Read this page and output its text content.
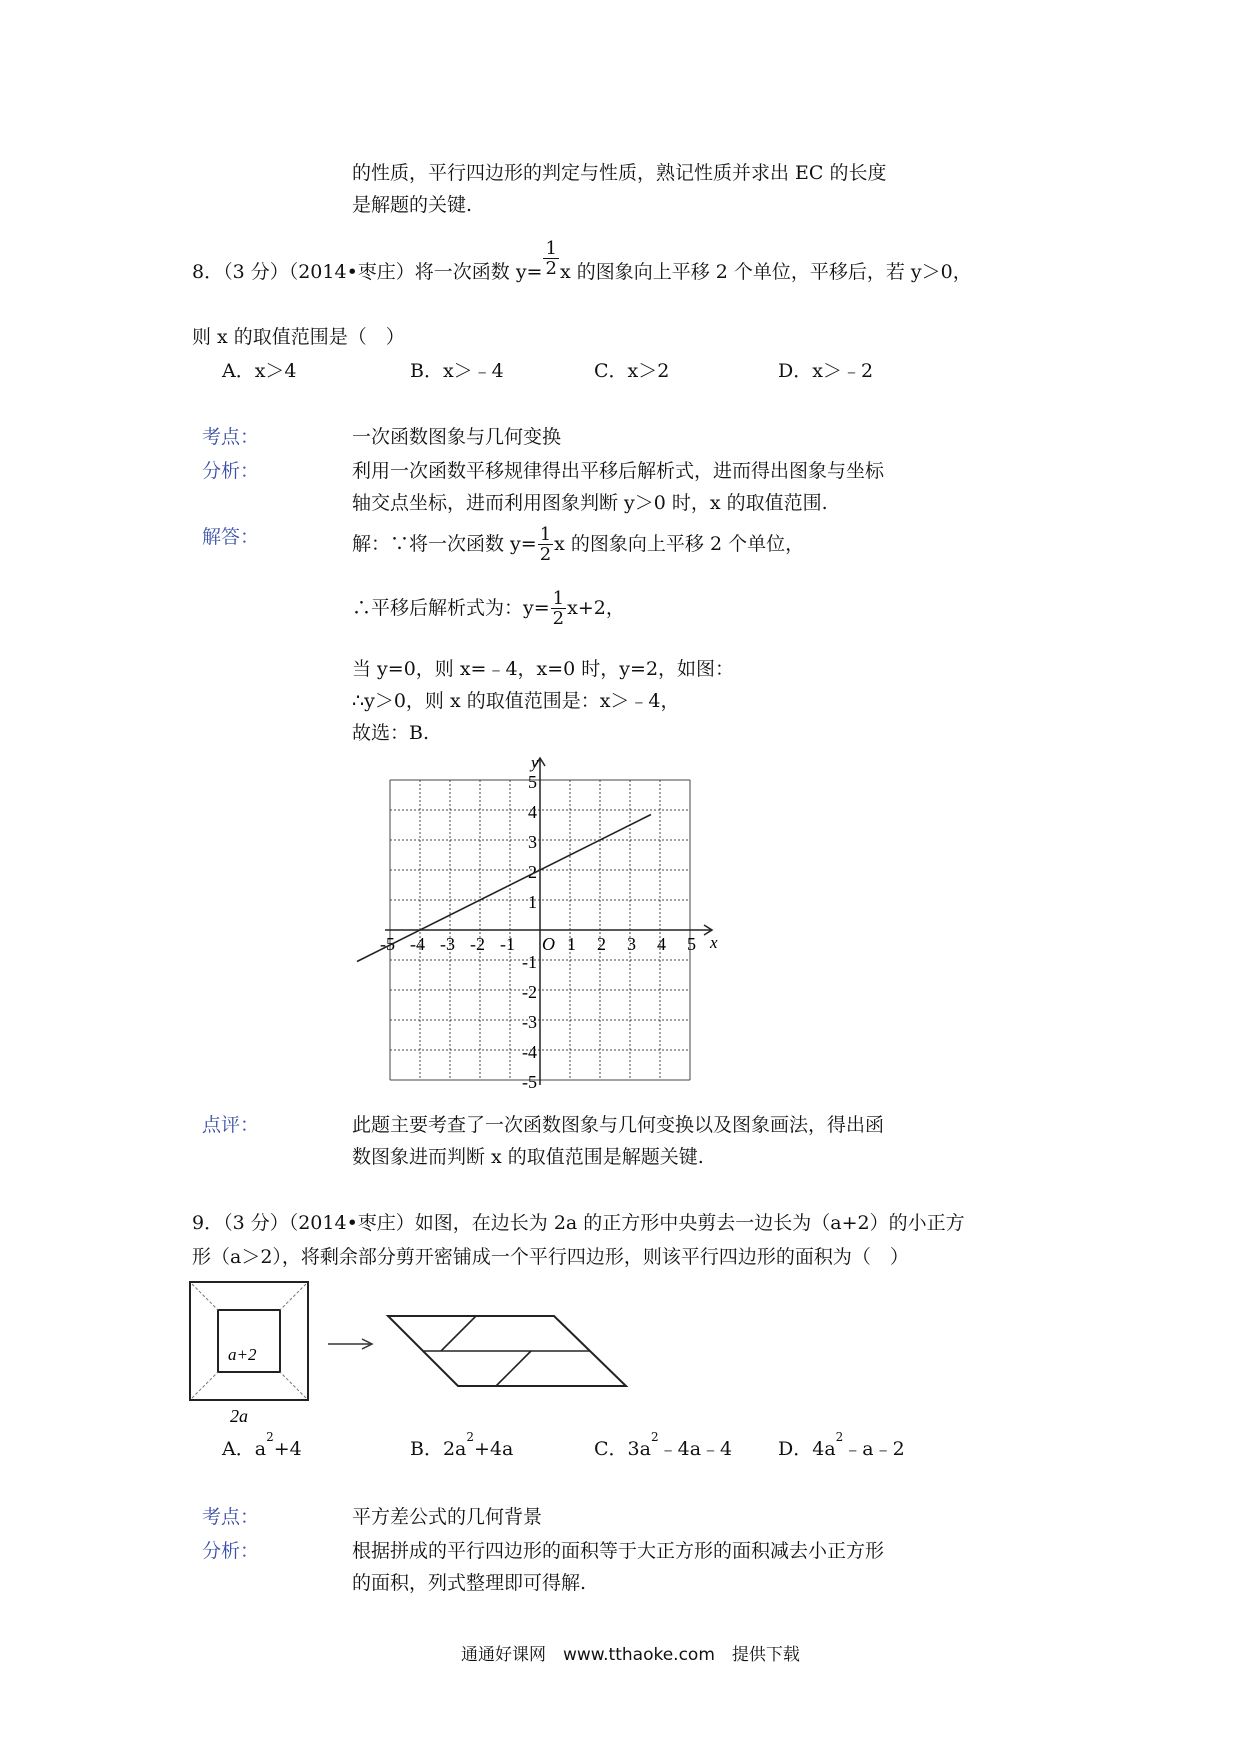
的性质，平行四边形的判定与性质，熟记性质并求出 EC 的长度
是解题的关键.
8．（3 分）（2014•枣庄）将一次函数 $y= \frac{1}{2}$ x 的图象向上平移 2 个单位，平移后，若 y＞0，
则 x 的取值范围是（　）
A．x＞4	B．x＞﹣4	C．x＞2	D．x＞﹣2
考点：	一次函数图象与几何变换
分析：	利用一次函数平移规律得出平移后解析式，进而得出图象与坐标
轴交点坐标，进而利用图象判断 y＞0 时，x 的取值范围.
解答：	解：∵将一次函数 $y= \frac{1}{2}$ x 的图象向上平移 2 个单位，
∴平移后解析式为：$y= \frac{1}{2} x+2$，
当 y=0，则 x=﹣4，x=0 时，y=2，如图：
∴y＞0，则 x 的取值范围是：x＞﹣4，
故选：B.
x
y
O
-5 -4 -3 -2 -1	1 2 3 4 5
5
4
3
2
1
-1
-2
-3
-4
-5
点评：	此题主要考查了一次函数图象与几何变换以及图象画法，得出函
数图象进而判断 x 的取值范围是解题关键.
9．（3 分）（2014•枣庄）如图，在边长为 2a 的正方形中央剪去一边长为（a+2）的小正方
形（a＞2），将剩余部分剪开密铺成一个平行四边形，则该平行四边形的面积为（　）
a+2
2a
A．$a^2+4$	B．$2a^2+4a$	C．$3a^2﹣4a﹣4$ D．$4a^2﹣a﹣2$
考点：	平方差公式的几何背景
分析：	根据拼成的平行四边形的面积等于大正方形的面积减去小正方形
的面积，列式整理即可得解.
通通好课网　www.tthaoke.com　提供下载
